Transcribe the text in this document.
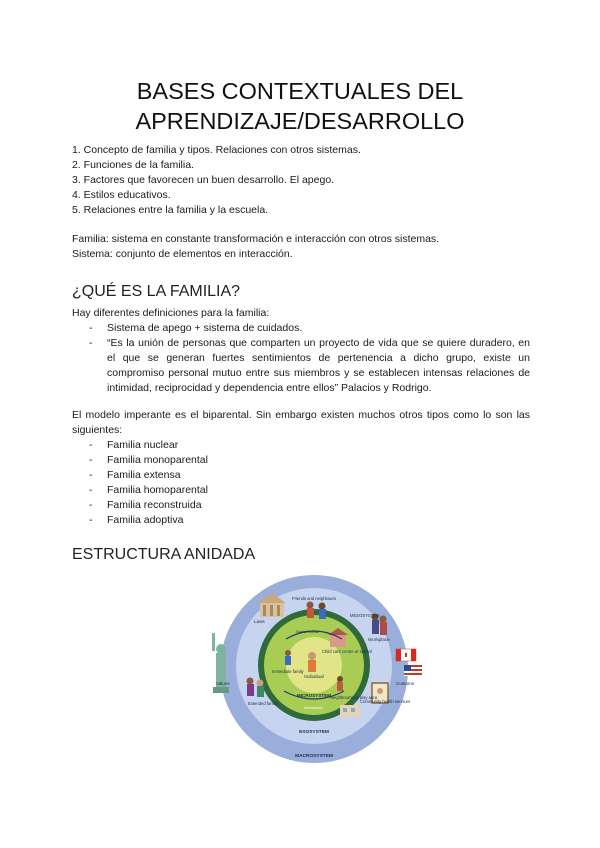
BASES CONTEXTUALES DEL
APRENDIZAJE/DESARROLLO

1. Concepto de familia y tipos. Relaciones con otros sistemas.

2. Funciones de la familia.

3. Factores que favorecen un buen desarrollo. El apego.

4. Estilos educativos.

5. Relaciones entre la familia y la escuela.

Familia: sistema en constante transformación e interacción con otros sistemas.

Sistema: conjunto de elementos en interacción.

¿QUÉ ES LA FAMILIA?

Hay diferentes definiciones para la familia:

- Sistema de apego + sistema de cuidados.
- “Es la unión de personas que comparten un proyecto de vida que se quiere duradero, en el que se generan fuertes sentimientos de pertenencia a dicho grupo, existe un compromiso personal mutuo entre sus miembros y se establecen intensas relaciones de intimidad, reciprocidad y dependencia entre ellos” Palacios y Rodrigo.

El modelo imperante es el biparental. Sin embargo existen muchos otros tipos como lo son las siguientes:

- Familia nuclear
- Familia monoparental
- Familia extensa
- Familia homoparental
- Familia reconstruida
- Familia adoptiva
ESTRUCTURA ANIDADA
Laws
Friends and neighbours
Workplace
Customs
Values
Extended family	Community health services
Immediate family
Child care centre or school
Neighbourhood play area
Social media
Interaction
Individual
MICROSYSTEM
MESOSYSTEM
EXOSYSTEM
MACROSYSTEM
